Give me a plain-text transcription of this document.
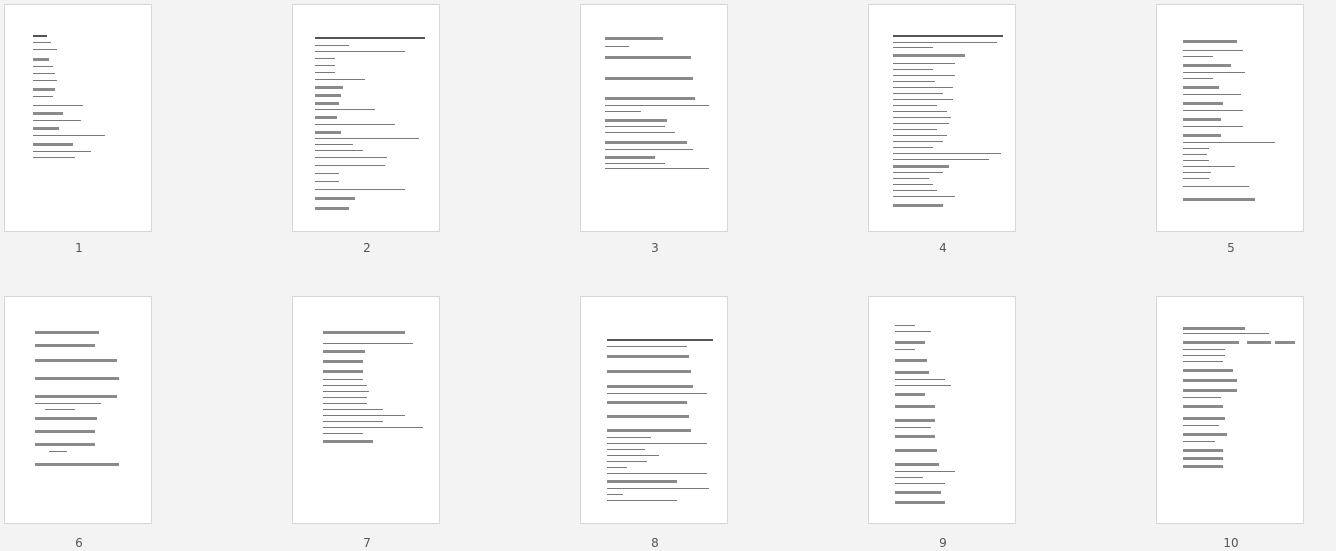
1	2	3	4	5
6	7	8	9	10
